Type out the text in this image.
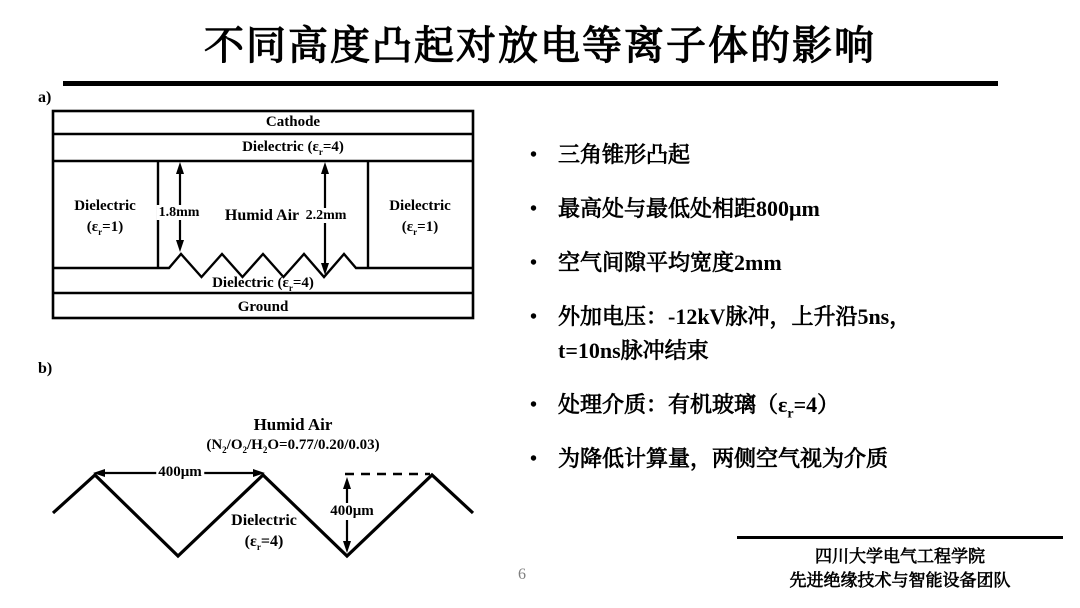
不同高度凸起对放电等离子体的影响
a)
Cathode
Dielectric $(\varepsilon_r=4)$
Dielectric
$(\varepsilon_r=1)$
Dielectric
$(\varepsilon_r=1)$
Humid Air
1.8mm	2.2mm
Dielectric $(\varepsilon_r=4)$
Ground
b)
Humid Air
$(N_2/O_2/H_2O=0.77/0.20/0.03)$
400μm
400μm
Dielectric
$(\varepsilon_r=4)$
• 三角锥形凸起
• 最高处与最低处相距800μm
• 空气间隙平均宽度2mm
• 外加电压：-12kV脉冲，上升沿5ns，
t=10ns脉冲结束
• 处理介质：有机玻璃$(\varepsilon_r=4)$
• 为降低计算量，两侧空气视为介质
四川大学电气工程学院
先进绝缘技术与智能设备团队
6
